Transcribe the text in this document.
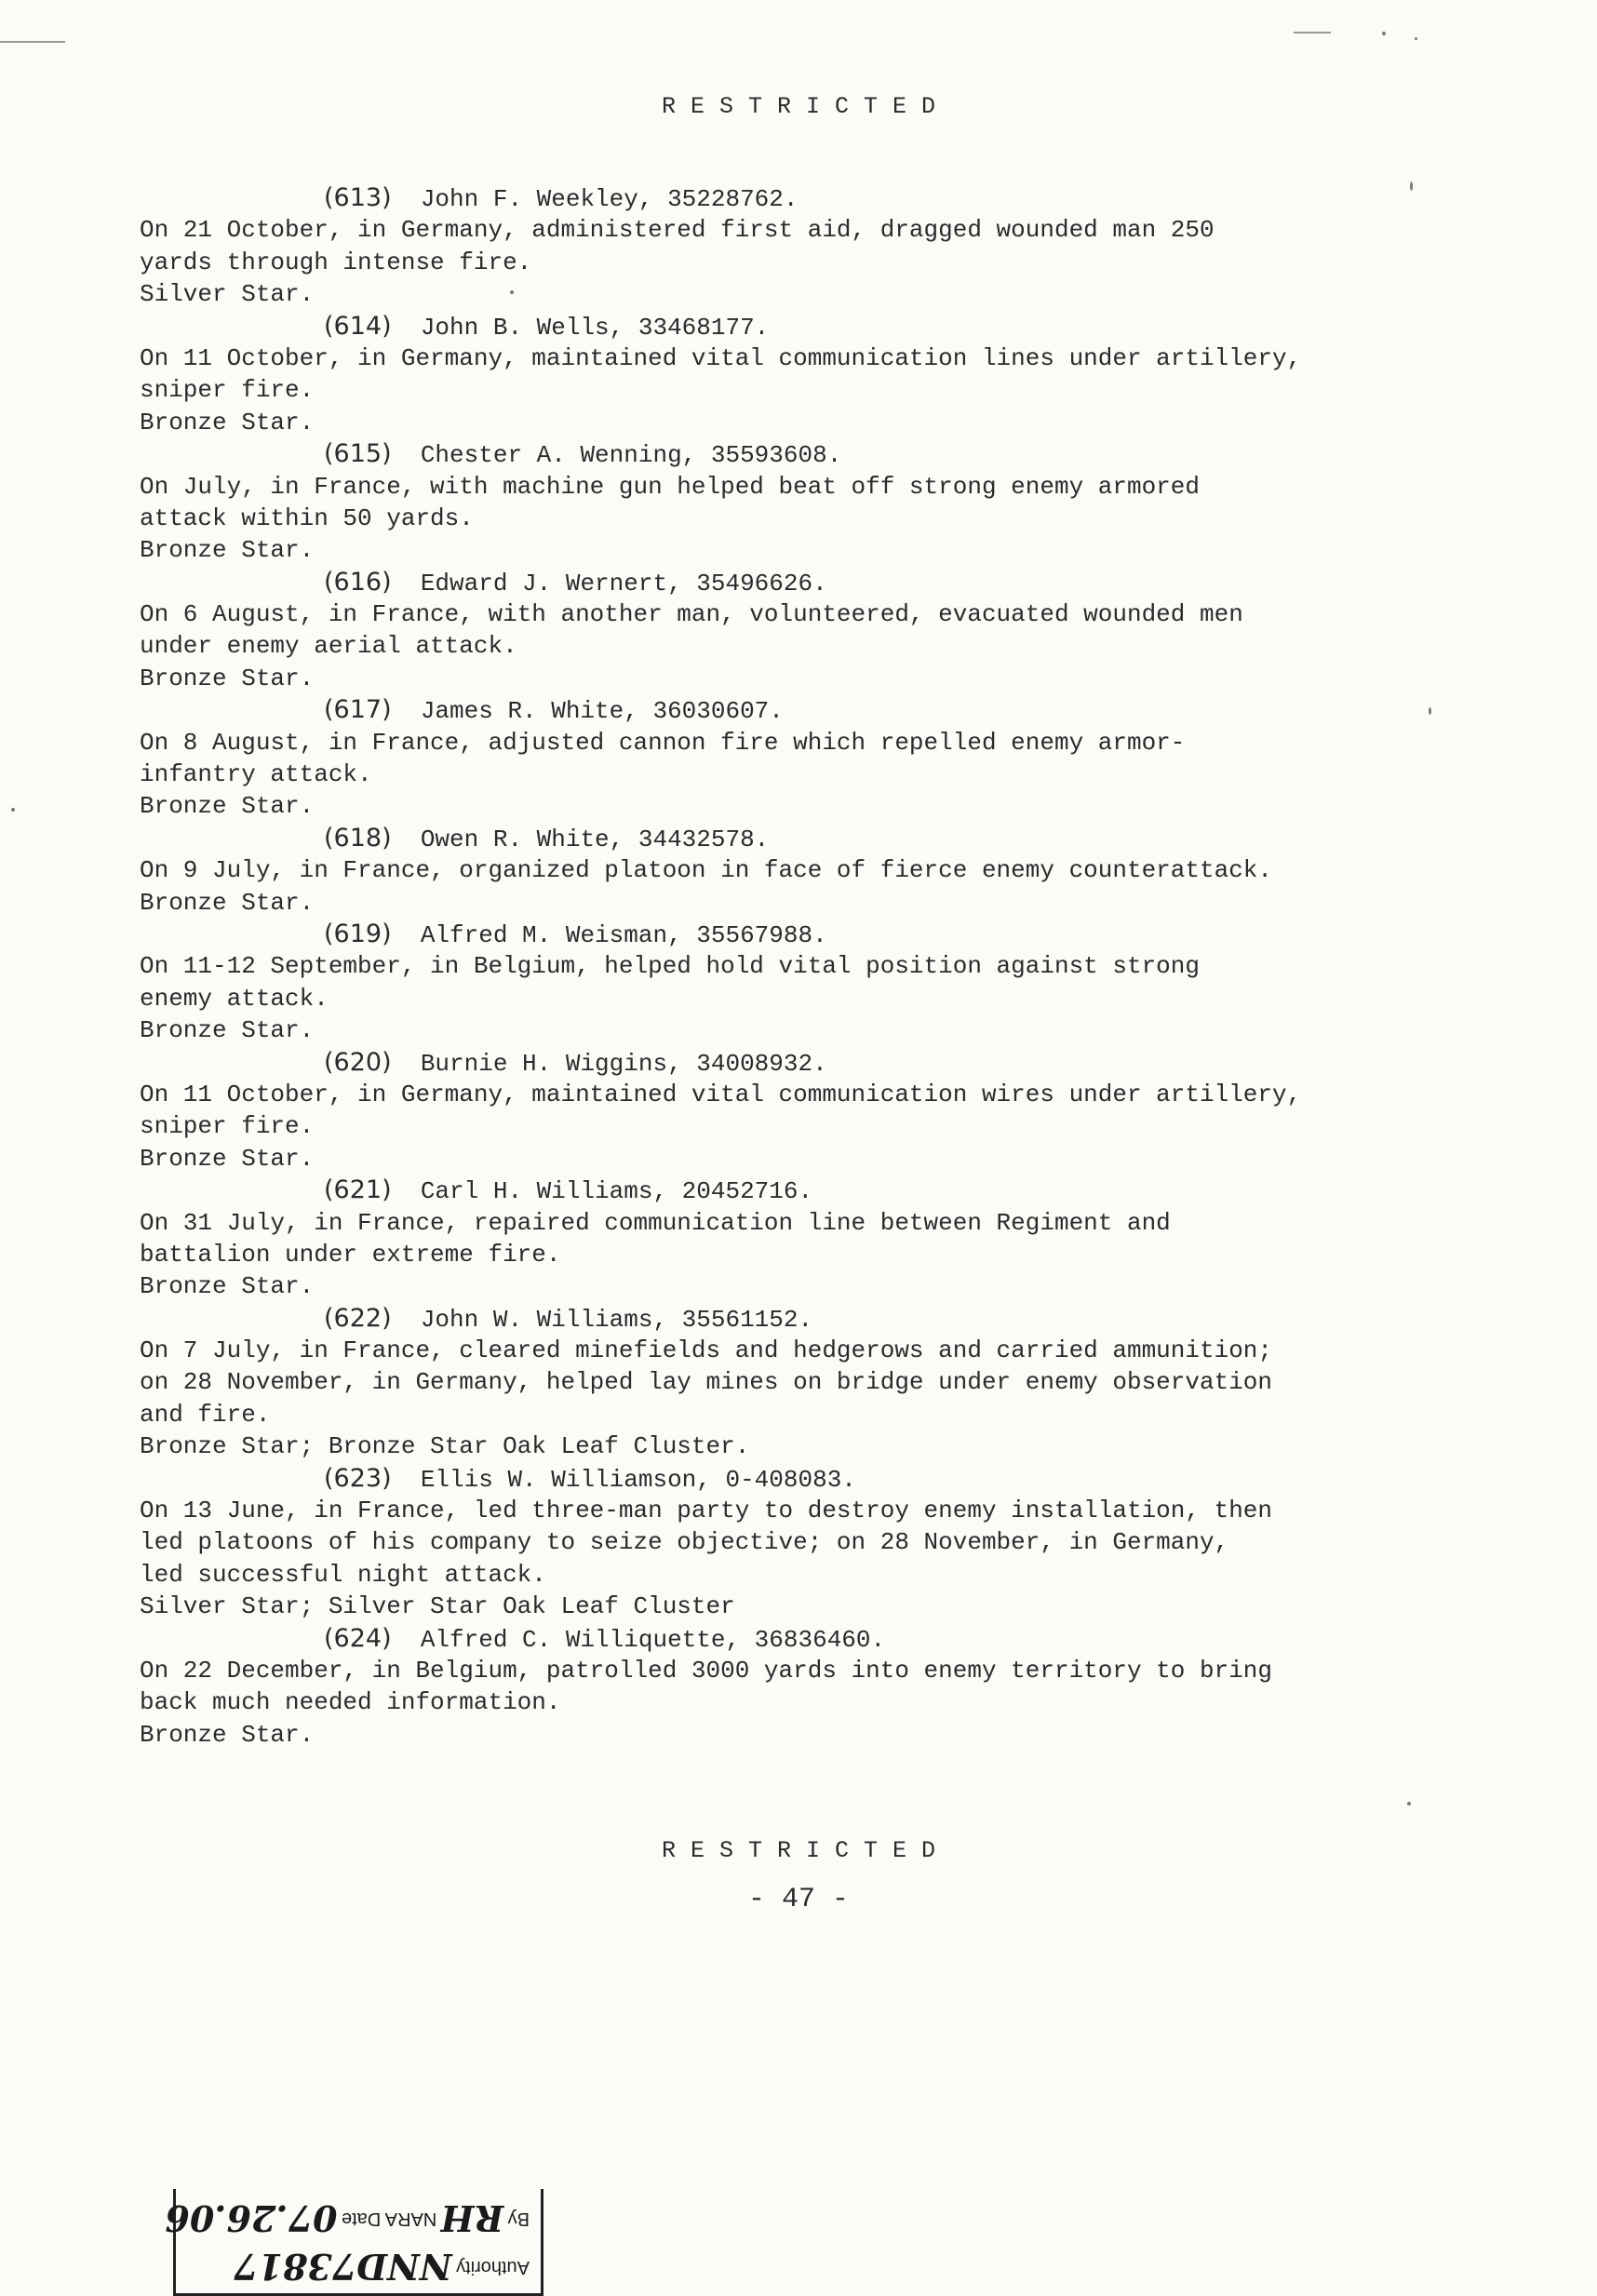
RESTRICTED
(613) John F. Weekley, 35228762.
On 21 October, in Germany, administered first aid, dragged wounded man 250
yards through intense fire.
Silver Star.
(614) John B. Wells, 33468177.
On 11 October, in Germany, maintained vital communication lines under artillery,
sniper fire.
Bronze Star.
(615) Chester A. Wenning, 35593608.
On July, in France, with machine gun helped beat off strong enemy armored
attack within 50 yards.
Bronze Star.
(616) Edward J. Wernert, 35496626.
On 6 August, in France, with another man, volunteered, evacuated wounded men
under enemy aerial attack.
Bronze Star.
(617) James R. White, 36030607.
On 8 August, in France, adjusted cannon fire which repelled enemy armor-
infantry attack.
Bronze Star.
(618) Owen R. White, 34432578.
On 9 July, in France, organized platoon in face of fierce enemy counterattack.
Bronze Star.
(619) Alfred M. Weisman, 35567988.
On 11-12 September, in Belgium, helped hold vital position against strong
enemy attack.
Bronze Star.
(620) Burnie H. Wiggins, 34008932.
On 11 October, in Germany, maintained vital communication wires under artillery,
sniper fire.
Bronze Star.
(621) Carl H. Williams, 20452716.
On 31 July, in France, repaired communication line between Regiment and
battalion under extreme fire.
Bronze Star.
(622) John W. Williams, 35561152.
On 7 July, in France, cleared minefields and hedgerows and carried ammunition;
on 28 November, in Germany, helped lay mines on bridge under enemy observation
and fire.
Bronze Star; Bronze Star Oak Leaf Cluster.
(623) Ellis W. Williamson, 0-408083.
On 13 June, in France, led three-man party to destroy enemy installation, then
led platoons of his company to seize objective; on 28 November, in Germany,
led successful night attack.
Silver Star; Silver Star Oak Leaf Cluster
(624) Alfred C. Williquette, 36836460.
On 22 December, in Belgium, patrolled 3000 yards into enemy territory to bring
back much needed information.
Bronze Star.
RESTRICTED
- 47 -
Authority NND73817
By RH NARA Date 07.26.06
